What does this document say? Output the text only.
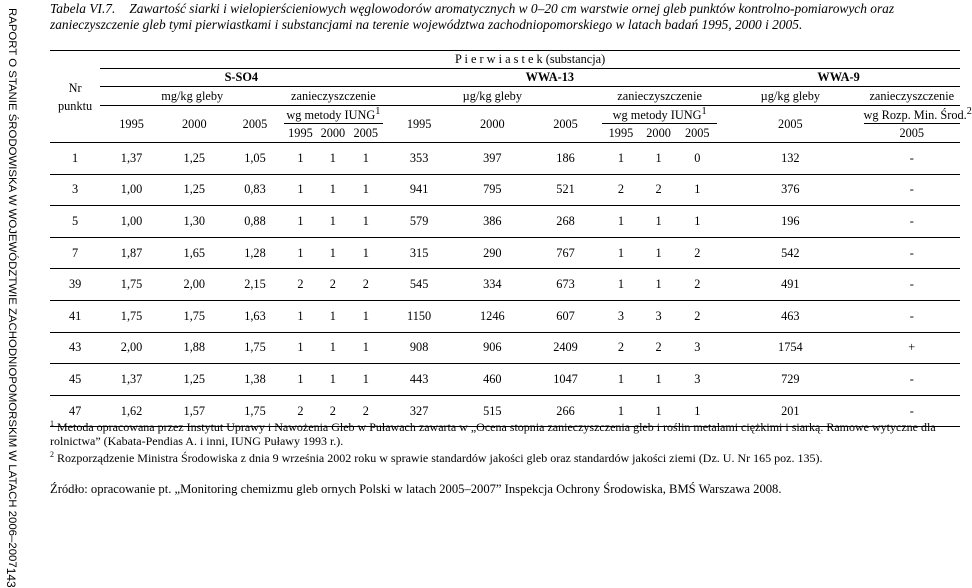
RAPORT O STANIE ŚRODOWISKA W WOJEWÓDZTWIE ZACHODNIOPOMORSKIM W LATACH 2006–2007
143
Tabela VI.7. Zawartość siarki i wielopierścieniowych węglowodorów aromatycznych w 0–20 cm warstwie ornej gleb punktów kontrolno-pomiarowych oraz zanieczyszczenie gleb tymi pierwiastkami i substancjami na terenie województwa zachodniopomorskiego w latach badań 1995, 2000 i 2005.
Nr
punktu	P i e r w i a s t e k (substancja)													
	S-SO4						WWA-13						WWA-9	
	mg/kg gleby			zanieczyszczenie			µg/kg gleby			zanieczyszczenie			µg/kg gleby	zanieczyszczenie
	1995	2000	2005	wg metody IUNG$^1$			1995	2000	2005	wg metody IUNG$^1$			2005	wg Rozp. Min. Środ.$^2$
				1995	2000	2005				1995	2000	2005		2005
1	1,37	1,25	1,05	1	1	1	353	397	186	1	1	0	132	-
3	1,00	1,25	0,83	1	1	1	941	795	521	2	2	1	376	-
5	1,00	1,30	0,88	1	1	1	579	386	268	1	1	1	196	-
7	1,87	1,65	1,28	1	1	1	315	290	767	1	1	2	542	-
39	1,75	2,00	2,15	2	2	2	545	334	673	1	1	2	491	-
41	1,75	1,75	1,63	1	1	1	1150	1246	607	3	3	2	463	-
43	2,00	1,88	1,75	1	1	1	908	906	2409	2	2	3	1754	+
45	1,37	1,25	1,38	1	1	1	443	460	1047	1	1	3	729	-
47	1,62	1,57	1,75	2	2	2	327	515	266	1	1	1	201	-

$^1$ Metoda opracowana przez Instytut Uprawy i Nawożenia Gleb w Puławach zawarta w „Ocena stopnia zanieczyszczenia gleb i roślin metalami ciężkimi i siarką. Ramowe wytyczne dla rolnictwa” (Kabata-Pendias A. i inni, IUNG Puławy 1993 r.).

$^2$ Rozporządzenie Ministra Środowiska z dnia 9 września 2002 roku w sprawie standardów jakości gleb oraz standardów jakości ziemi (Dz. U. Nr 165 poz. 135).

Źródło: opracowanie pt. „Monitoring chemizmu gleb ornych Polski w latach 2005–2007” Inspekcja Ochrony Środowiska, BMŚ Warszawa 2008.
